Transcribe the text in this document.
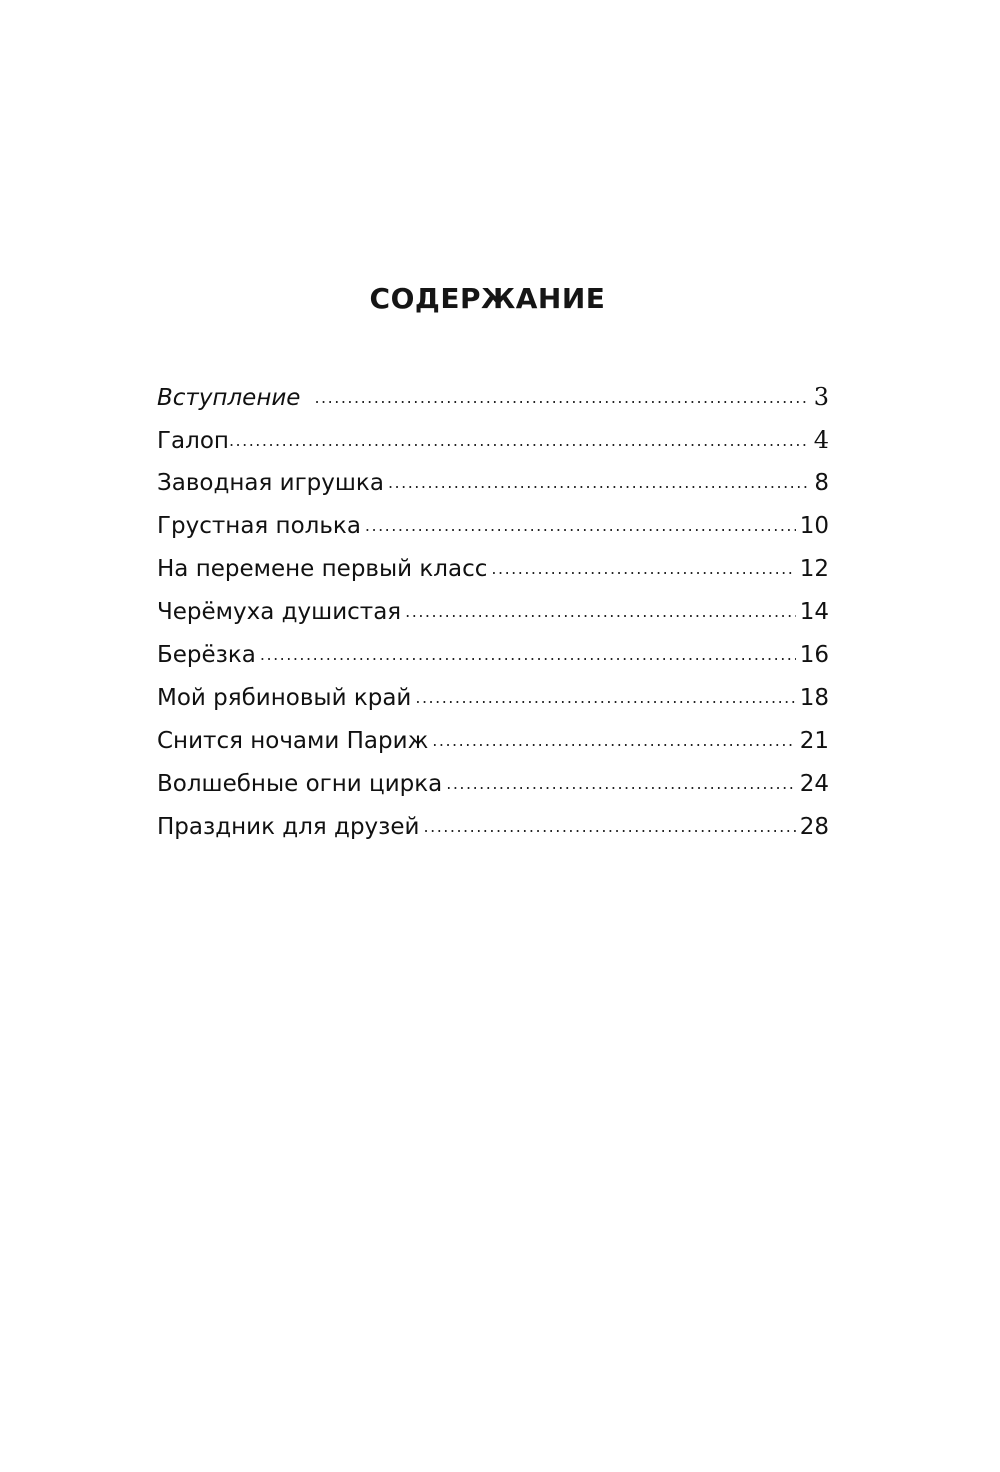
СОДЕРЖАНИЕ
Вступление .....	3
Галоп .....	4
Заводная игрушка .....	8
Грустная полька .....	10
На перемене первый класс .....	12
Черёмуха душистая .....	14
Берёзка .....	16
Мой рябиновый край .....	18
Снится ночами Париж .....	21
Волшебные огни цирка .....	24
Праздник для друзей .....	28
